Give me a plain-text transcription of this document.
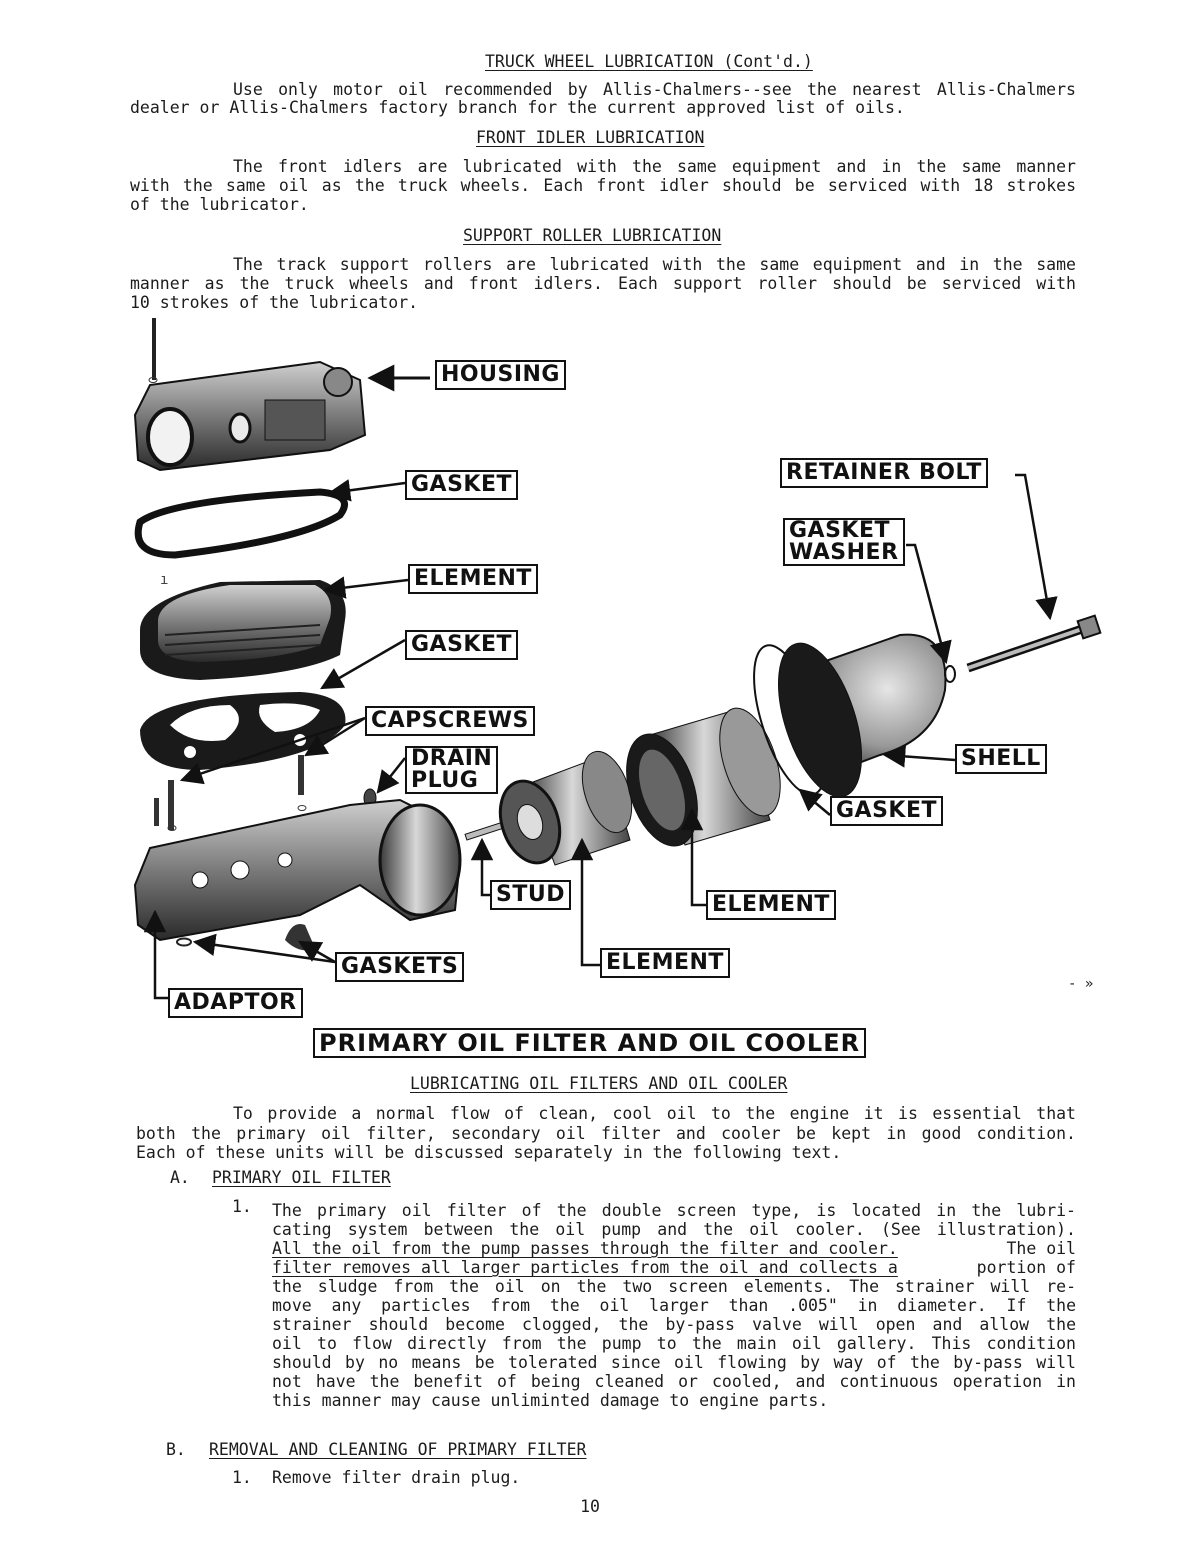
TRUCK WHEEL LUBRICATION (Cont'd.)
Use only motor oil recommended by Allis-Chalmers--see the nearest Allis-Chalmers
dealer or Allis-Chalmers factory branch for the current approved list of oils.
FRONT IDLER LUBRICATION
The front idlers are lubricated with the same equipment and in the same manner
with the same oil as the truck wheels. Each front idler should be serviced with 18 strokes
of the lubricator.
SUPPORT ROLLER LUBRICATION
The track support rollers are lubricated with the same equipment and in the same
manner as the truck wheels and front idlers. Each support roller should be serviced with
10 strokes of the lubricator.
ı
- »
HOUSING
GASKET
ELEMENT
GASKET
CAPSCREWS
DRAIN
PLUG
RETAINER BOLT
GASKET
WASHER
SHELL
GASKET
STUD	ELEMENT
ELEMENT
GASKETS
ADAPTOR
PRIMARY OIL FILTER AND OIL COOLER
LUBRICATING OIL FILTERS AND OIL COOLER
To provide a normal flow of clean, cool oil to the engine it is essential that
both the primary oil filter, secondary oil filter and cooler be kept in good condition.
Each of these units will be discussed separately in the following text.
A. PRIMARY OIL FILTER
1. The primary oil filter of the double screen type, is located in the lubri-
cating system between the oil pump and the oil cooler. (See illustration).
All the oil from the pump passes through the filter and cooler.	The oil
filter removes all larger particles from the oil and collects a	portion of
the sludge from the oil on the two screen elements. The strainer will re-
move any particles from the oil larger than .005" in diameter. If the
strainer should become clogged, the by-pass valve will open and allow the
oil to flow directly from the pump to the main oil gallery. This condition
should by no means be tolerated since oil flowing by way of the by-pass will
not have the benefit of being cleaned or cooled, and continuous operation in
this manner may cause unliminted damage to engine parts.
B. REMOVAL AND CLEANING OF PRIMARY FILTER
1. Remove filter drain plug.
10
